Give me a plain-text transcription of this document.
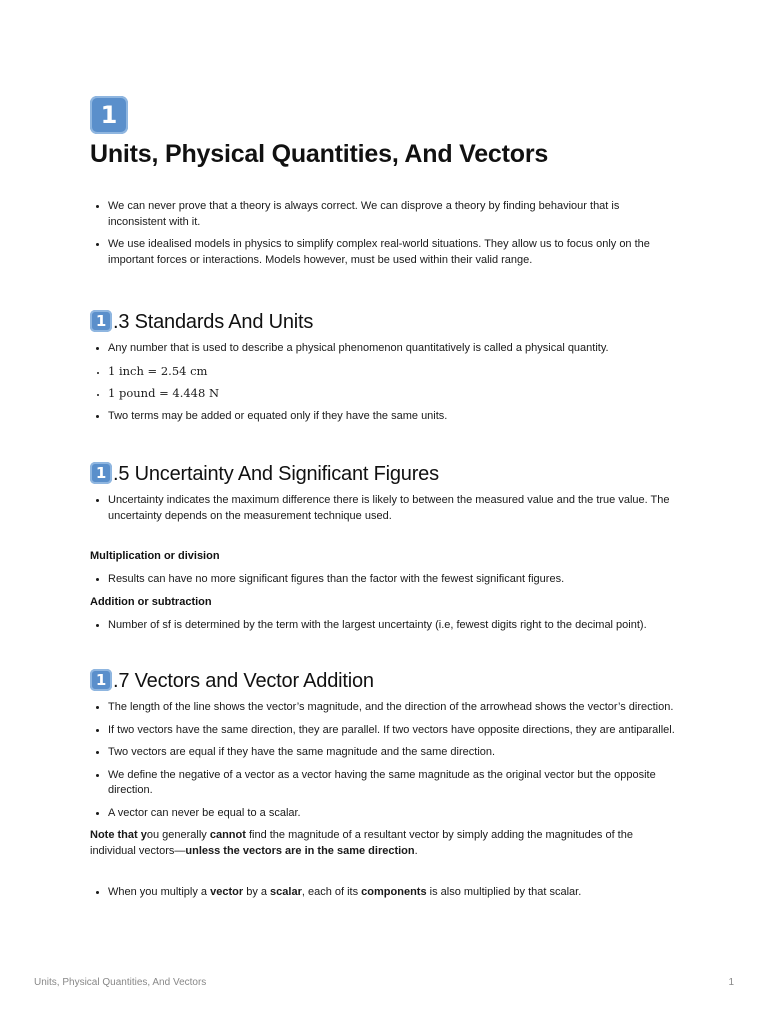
1
Units, Physical Quantities, And Vectors
• We can never prove that a theory is always correct. We can disprove a theory by finding behaviour that is inconsistent with it.
• We use idealised models in physics to simplify complex real-world situations. They allow us to focus only on the important forces or interactions. Models however, must be used within their valid range.
1 .3 Standards And Units
• Any number that is used to describe a physical phenomenon quantitatively is called a physical quantity.
• 1 inch = 2.54 cm
• 1 pound = 4.448 N
• Two terms may be added or equated only if they have the same units.
1 .5 Uncertainty And Significant Figures
• Uncertainty indicates the maximum difference there is likely to between the measured value and the true value. The uncertainty depends on the measurement technique used.
Multiplication or division
• Results can have no more significant figures than the factor with the fewest significant figures.
Addition or subtraction
• Number of sf is determined by the term with the largest uncertainty (i.e, fewest digits right to the decimal point).
1 .7 Vectors and Vector Addition
• The length of the line shows the vector’s magnitude, and the direction of the arrowhead shows the vector’s direction.
• If two vectors have the same direction, they are parallel. If two vectors have opposite directions, they are antiparallel.
• Two vectors are equal if they have the same magnitude and the same direction.
• We define the negative of a vector as a vector having the same magnitude as the original vector but the opposite direction.
• A vector can never be equal to a scalar.

Note that you generally cannot find the magnitude of a resultant vector by simply adding the magnitudes of the individual vectors—unless the vectors are in the same direction.

• When you multiply a vector by a scalar, each of its components is also multiplied by that scalar.
Units, Physical Quantities, And Vectors	1
